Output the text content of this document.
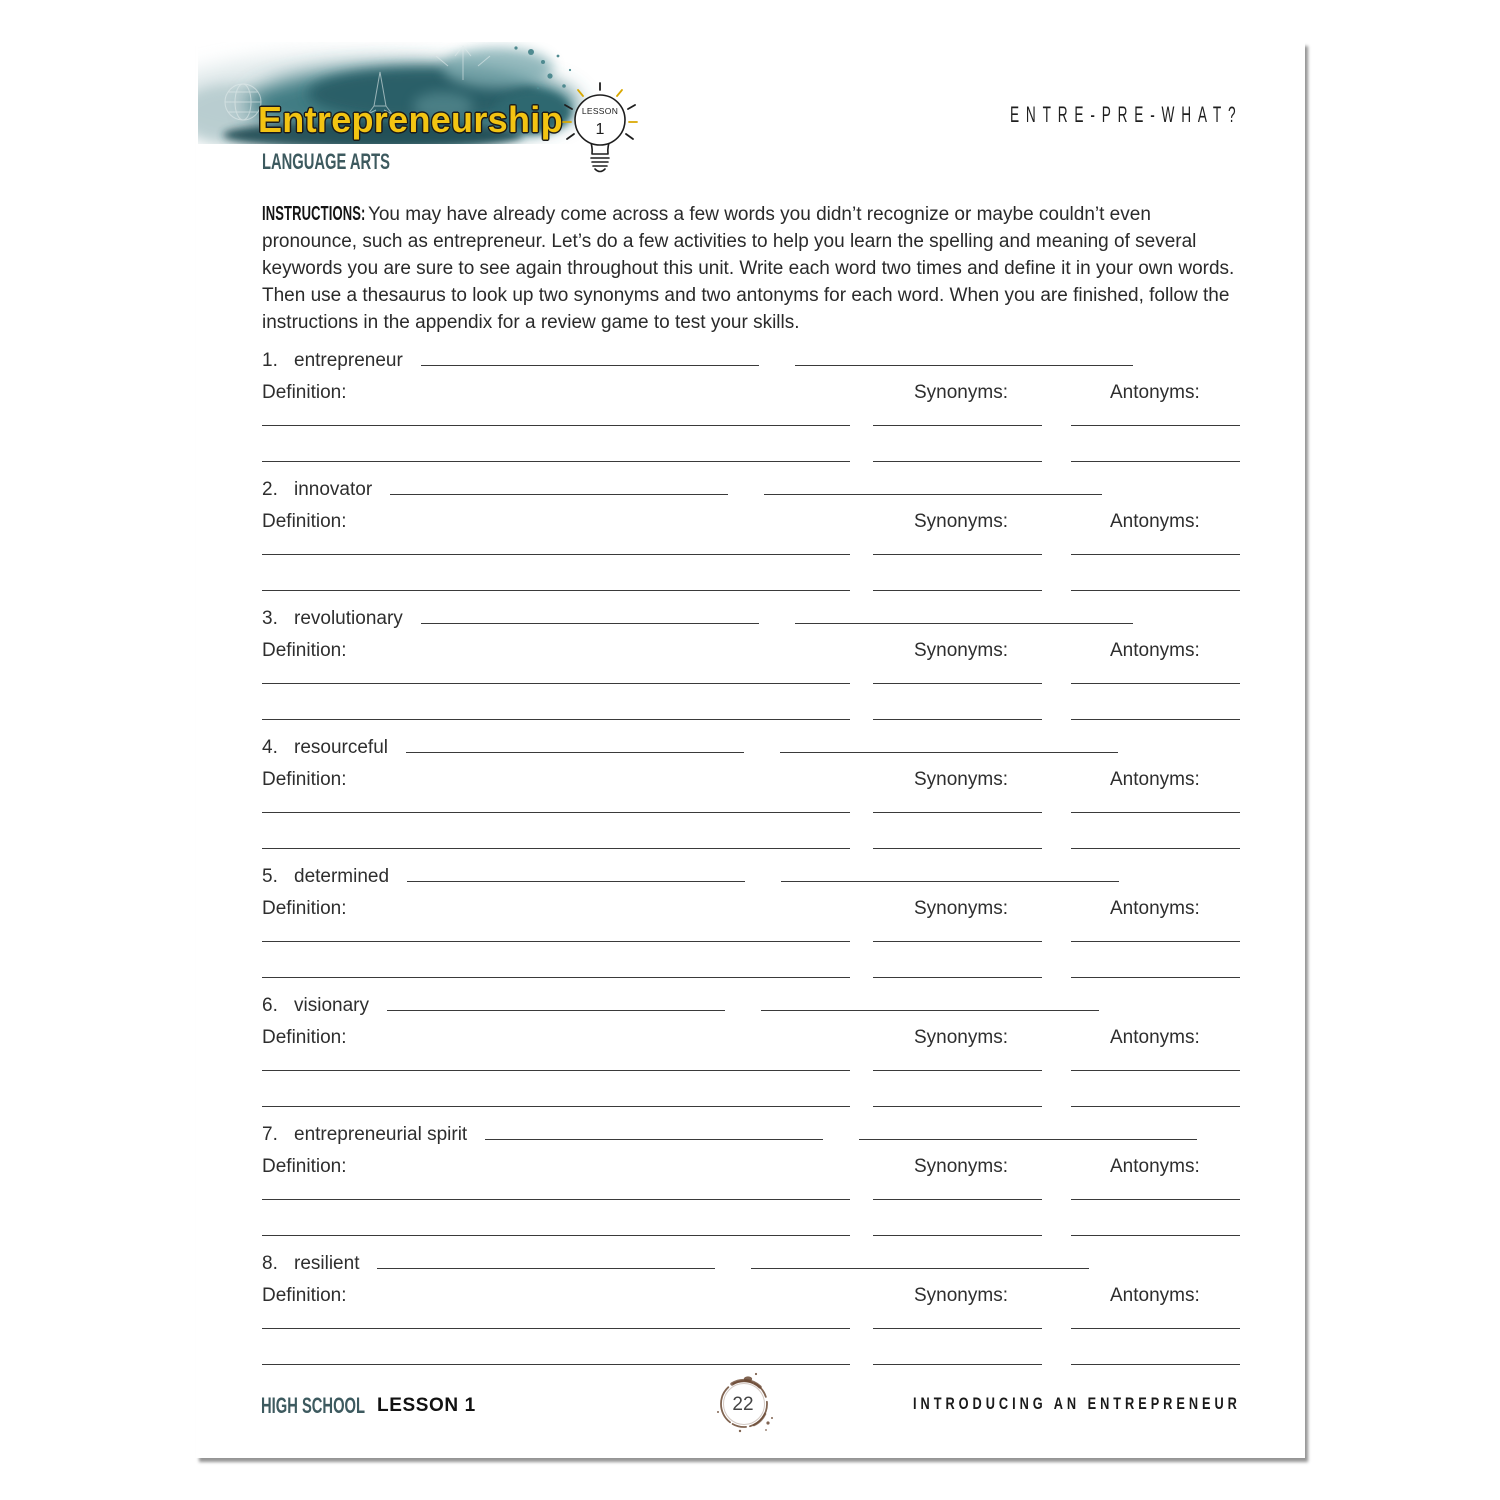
Entrepreneurship LESSON
1
LANGUAGE ARTS
ENTRE-PRE-WHAT?
INSTRUCTIONS: You may have already come across a few words you didn’t recognize or maybe couldn’t even
pronounce, such as entrepreneur. Let’s do a few activities to help you learn the spelling and meaning of several
keywords you are sure to see again throughout this unit. Write each word two times and define it in your own words.
Then use a thesaurus to look up two synonyms and two antonyms for each word. When you are finished, follow the
instructions in the appendix for a review game to test your skills.
1. entrepreneur
Definition:	Synonyms:	Antonyms:
2. innovator
Definition:	Synonyms:	Antonyms:
3. revolutionary
Definition:	Synonyms:	Antonyms:
4. resourceful
Definition:	Synonyms:	Antonyms:
5. determined
Definition:	Synonyms:	Antonyms:
6. visionary
Definition:	Synonyms:	Antonyms:
7. entrepreneurial spirit
Definition:	Synonyms:	Antonyms:
8. resilient
Definition:	Synonyms:	Antonyms:
HIGH SCHOOL LESSON 1	22	INTRODUCING AN ENTREPRENEUR
